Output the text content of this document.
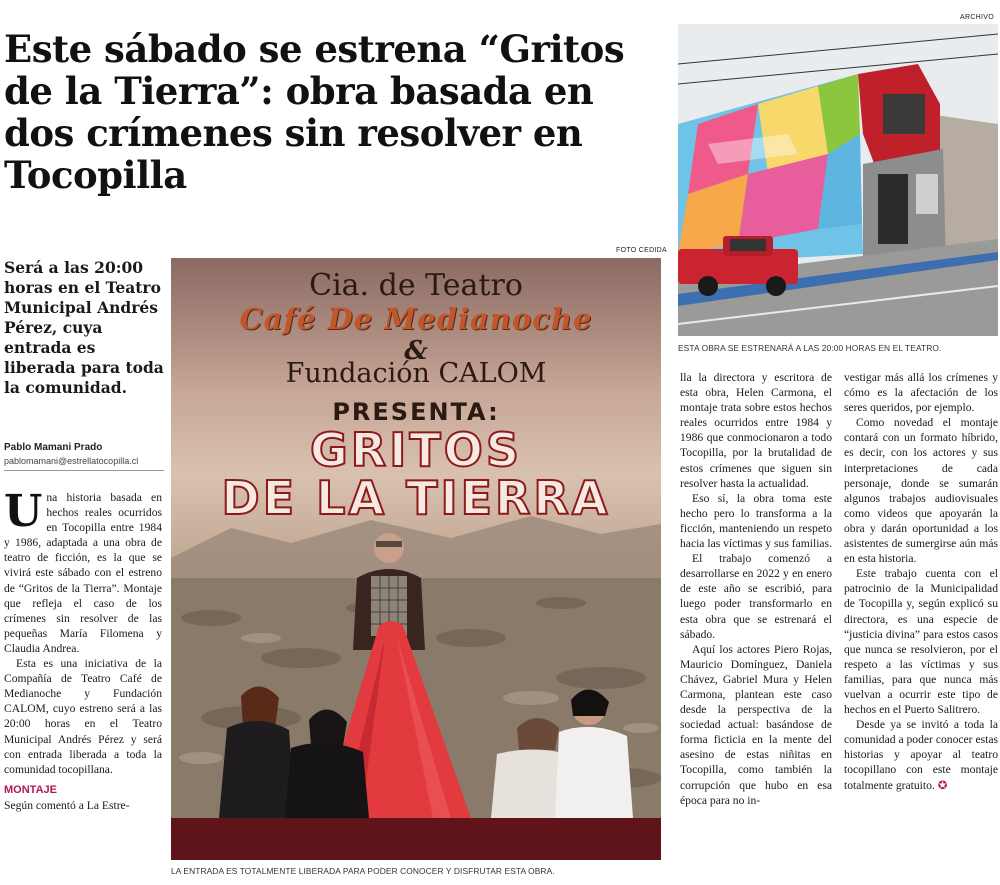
ARCHIVO
Este sábado se estrena “Gritos de la Tierra”: obra basada en dos crímenes sin resolver en Tocopilla

Será a las 20:00 horas en el Teatro Municipal Andrés Pérez, cuya entrada es liberada para toda la comunidad.

Pablo Mamani Prado
pablomamani@estrellatocopilla.cl

Una historia basada en hechos reales ocurridos en Tocopilla entre 1984 y 1986, adaptada a una obra de teatro de ficción, es la que se vivirá este sábado con el estreno de “Gritos de la Tierra”. Montaje que refleja el caso de los crímenes sin resolver de las pequeñas María Filomena y Claudia Andrea.

Esta es una iniciativa de la Compañía de Teatro Café de Medianoche y Fundación CALOM, cuyo estreno será a las 20:00 horas en el Teatro Municipal Andrés Pérez y será con entrada liberada a toda la comunidad tocopillana.

MONTAJE

Según comentó a La Estre-

FOTO CEDIDA
Cia. de Teatro
Café De Medianoche
&
Fundación CALOM
PRESENTA:
GRITOS
DE LA TIERRA
LA ENTRADA ES TOTALMENTE LIBERADA PARA PODER CONOCER Y DISFRUTAR ESTA OBRA.
ESTA OBRA SE ESTRENARÁ A LAS 20:00 HORAS EN EL TEATRO.

lla la directora y escritora de esta obra, Helen Carmona, el montaje trata sobre estos hechos reales ocurridos entre 1984 y 1986 que conmocionaron a todo Tocopilla, por la brutalidad de estos crímenes que siguen sin resolver hasta la actualidad.

Eso sí, la obra toma este hecho pero lo transforma a la ficción, manteniendo un respeto hacia las víctimas y sus familias.

El trabajo comenzó a desarrollarse en 2022 y en enero de este año se escribió, para luego poder transformarlo en esta obra que se estrenará el sábado.

Aquí los actores Piero Rojas, Mauricio Domínguez, Daniela Chávez, Gabriel Mura y Helen Carmona, plantean este caso desde la perspectiva de la sociedad actual: basándose de forma ficticia en la mente del asesino de estas niñitas en Tocopilla, como también la corrupción que hubo en esa época para no in-

vestigar más allá los crímenes y cómo es la afectación de los seres queridos, por ejemplo.

Como novedad el montaje contará con un formato híbrido, es decir, con los actores y sus interpretaciones de cada personaje, donde se sumarán algunos trabajos audiovisuales como videos que apoyarán la obra y darán oportunidad a los asistentes de sumergirse aún más en esta historia.

Este trabajo cuenta con el patrocinio de la Municipalidad de Tocopilla y, según explicó su directora, es una especie de “justicia divina” para estos casos que nunca se resolvieron, por el respeto a las víctimas y sus familias, para que nunca más vuelvan a ocurrir este tipo de hechos en el Puerto Salitrero.

Desde ya se invitó a toda la comunidad a poder conocer estas historias y apoyar al teatro tocopillano con este montaje totalmente gratuito. ✪
